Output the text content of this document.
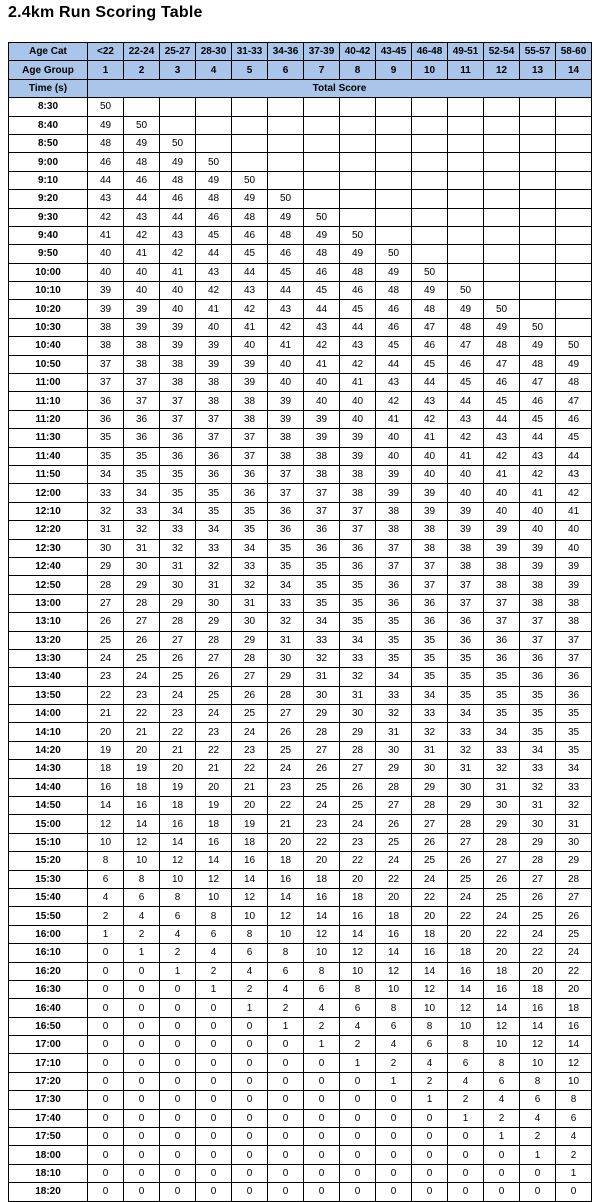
2.4km Run Scoring Table
Age Cat	<22	22-24	25-27	28-30	31-33	34-36	37-39	40-42	43-45	46-48	49-51	52-54	55-57	58-60
Age Group	1	2	3	4	5	6	7	8	9	10	11	12	13	14
Time (s)	Total Score													
8:30	50													
8:40	49	50												
8:50	48	49	50											
9:00	46	48	49	50										
9:10	44	46	48	49	50									
9:20	43	44	46	48	49	50								
9:30	42	43	44	46	48	49	50							
9:40	41	42	43	45	46	48	49	50						
9:50	40	41	42	44	45	46	48	49	50					
10:00	40	40	41	43	44	45	46	48	49	50				
10:10	39	40	40	42	43	44	45	46	48	49	50			
10:20	39	39	40	41	42	43	44	45	46	48	49	50		
10:30	38	39	39	40	41	42	43	44	46	47	48	49	50	
10:40	38	38	39	39	40	41	42	43	45	46	47	48	49	50
10:50	37	38	38	39	39	40	41	42	44	45	46	47	48	49
11:00	37	37	38	38	39	40	40	41	43	44	45	46	47	48
11:10	36	37	37	38	38	39	40	40	42	43	44	45	46	47
11:20	36	36	37	37	38	39	39	40	41	42	43	44	45	46
11:30	35	36	36	37	37	38	39	39	40	41	42	43	44	45
11:40	35	35	36	36	37	38	38	39	40	40	41	42	43	44
11:50	34	35	35	36	36	37	38	38	39	40	40	41	42	43
12:00	33	34	35	35	36	37	37	38	39	39	40	40	41	42
12:10	32	33	34	35	35	36	37	37	38	39	39	40	40	41
12:20	31	32	33	34	35	36	36	37	38	38	39	39	40	40
12:30	30	31	32	33	34	35	36	36	37	38	38	39	39	40
12:40	29	30	31	32	33	35	35	36	37	37	38	38	39	39
12:50	28	29	30	31	32	34	35	35	36	37	37	38	38	39
13:00	27	28	29	30	31	33	35	35	36	36	37	37	38	38
13:10	26	27	28	29	30	32	34	35	35	36	36	37	37	38
13:20	25	26	27	28	29	31	33	34	35	35	36	36	37	37
13:30	24	25	26	27	28	30	32	33	35	35	35	36	36	37
13:40	23	24	25	26	27	29	31	32	34	35	35	35	36	36
13:50	22	23	24	25	26	28	30	31	33	34	35	35	35	36
14:00	21	22	23	24	25	27	29	30	32	33	34	35	35	35
14:10	20	21	22	23	24	26	28	29	31	32	33	34	35	35
14:20	19	20	21	22	23	25	27	28	30	31	32	33	34	35
14:30	18	19	20	21	22	24	26	27	29	30	31	32	33	34
14:40	16	18	19	20	21	23	25	26	28	29	30	31	32	33
14:50	14	16	18	19	20	22	24	25	27	28	29	30	31	32
15:00	12	14	16	18	19	21	23	24	26	27	28	29	30	31
15:10	10	12	14	16	18	20	22	23	25	26	27	28	29	30
15:20	8	10	12	14	16	18	20	22	24	25	26	27	28	29
15:30	6	8	10	12	14	16	18	20	22	24	25	26	27	28
15:40	4	6	8	10	12	14	16	18	20	22	24	25	26	27
15:50	2	4	6	8	10	12	14	16	18	20	22	24	25	26
16:00	1	2	4	6	8	10	12	14	16	18	20	22	24	25
16:10	0	1	2	4	6	8	10	12	14	16	18	20	22	24
16:20	0	0	1	2	4	6	8	10	12	14	16	18	20	22
16:30	0	0	0	1	2	4	6	8	10	12	14	16	18	20
16:40	0	0	0	0	1	2	4	6	8	10	12	14	16	18
16:50	0	0	0	0	0	1	2	4	6	8	10	12	14	16
17:00	0	0	0	0	0	0	1	2	4	6	8	10	12	14
17:10	0	0	0	0	0	0	0	1	2	4	6	8	10	12
17:20	0	0	0	0	0	0	0	0	1	2	4	6	8	10
17:30	0	0	0	0	0	0	0	0	0	1	2	4	6	8
17:40	0	0	0	0	0	0	0	0	0	0	1	2	4	6
17:50	0	0	0	0	0	0	0	0	0	0	0	1	2	4
18:00	0	0	0	0	0	0	0	0	0	0	0	0	1	2
18:10	0	0	0	0	0	0	0	0	0	0	0	0	0	1
18:20	0	0	0	0	0	0	0	0	0	0	0	0	0	0
